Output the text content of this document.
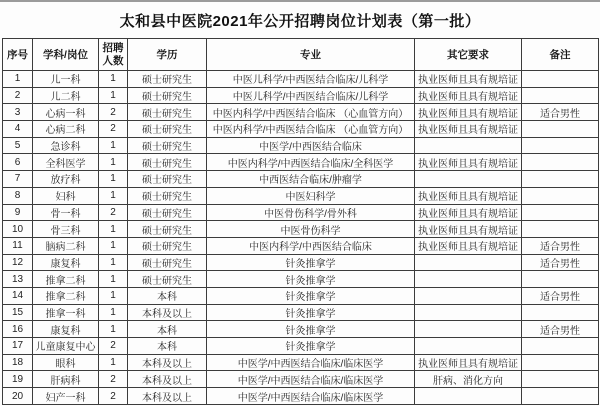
太和县中医院2021年公开招聘岗位计划表（第一批）
序号	学科/岗位	招聘人数	学历	专业	其它要求	备注
1	儿一科	1	硕士研究生	中医儿科学/中西医结合临床/儿科学	执业医师且具有规培证	
2	儿二科	1	硕士研究生	中医儿科学/中西医结合临床/儿科学	执业医师且具有规培证	
3	心病一科	2	硕士研究生	中医内科学/中西医结合临床 （心血管方向）	执业医师且具有规培证	适合男性
4	心病二科	2	硕士研究生	中医内科学/中西医结合临床 （心血管方向）	执业医师且具有规培证	
5	急诊科	1	硕士研究生	中医学/中西医结合临床		
6	全科医学	1	硕士研究生	中医内科学/中西医结合临床/全科医学	执业医师且具有规培证	
7	放疗科	1	硕士研究生	中西医结合临床/肿瘤学		
8	妇科	1	硕士研究生	中医妇科学	执业医师且具有规培证	
9	骨一科	2	硕士研究生	中医骨伤科学/骨外科	执业医师且具有规培证	
10	骨三科	1	硕士研究生	中医骨伤科学	执业医师且具有规培证	
11	脑病二科	1	硕士研究生	中医内科学/中西医结合临床	执业医师且具有规培证	适合男性
12	康复科	1	硕士研究生	针灸推拿学		适合男性
13	推拿二科	1	硕士研究生	针灸推拿学		
14	推拿二科	1	本科	针灸推拿学		适合男性
15	推拿一科	1	本科及以上	针灸推拿学		
16	康复科	1	本科	针灸推拿学		适合男性
17	儿童康复中心	2	本科	针灸推拿学		
18	眼科	1	本科及以上	中医学/中西医结合临床/临床医学	执业医师且具有规培证	
19	肝病科	2	本科及以上	中医学/中西医结合临床/临床医学	肝病、消化方向	
20	妇产一科	2	本科及以上	中医学/中西医结合临床/临床医学		
